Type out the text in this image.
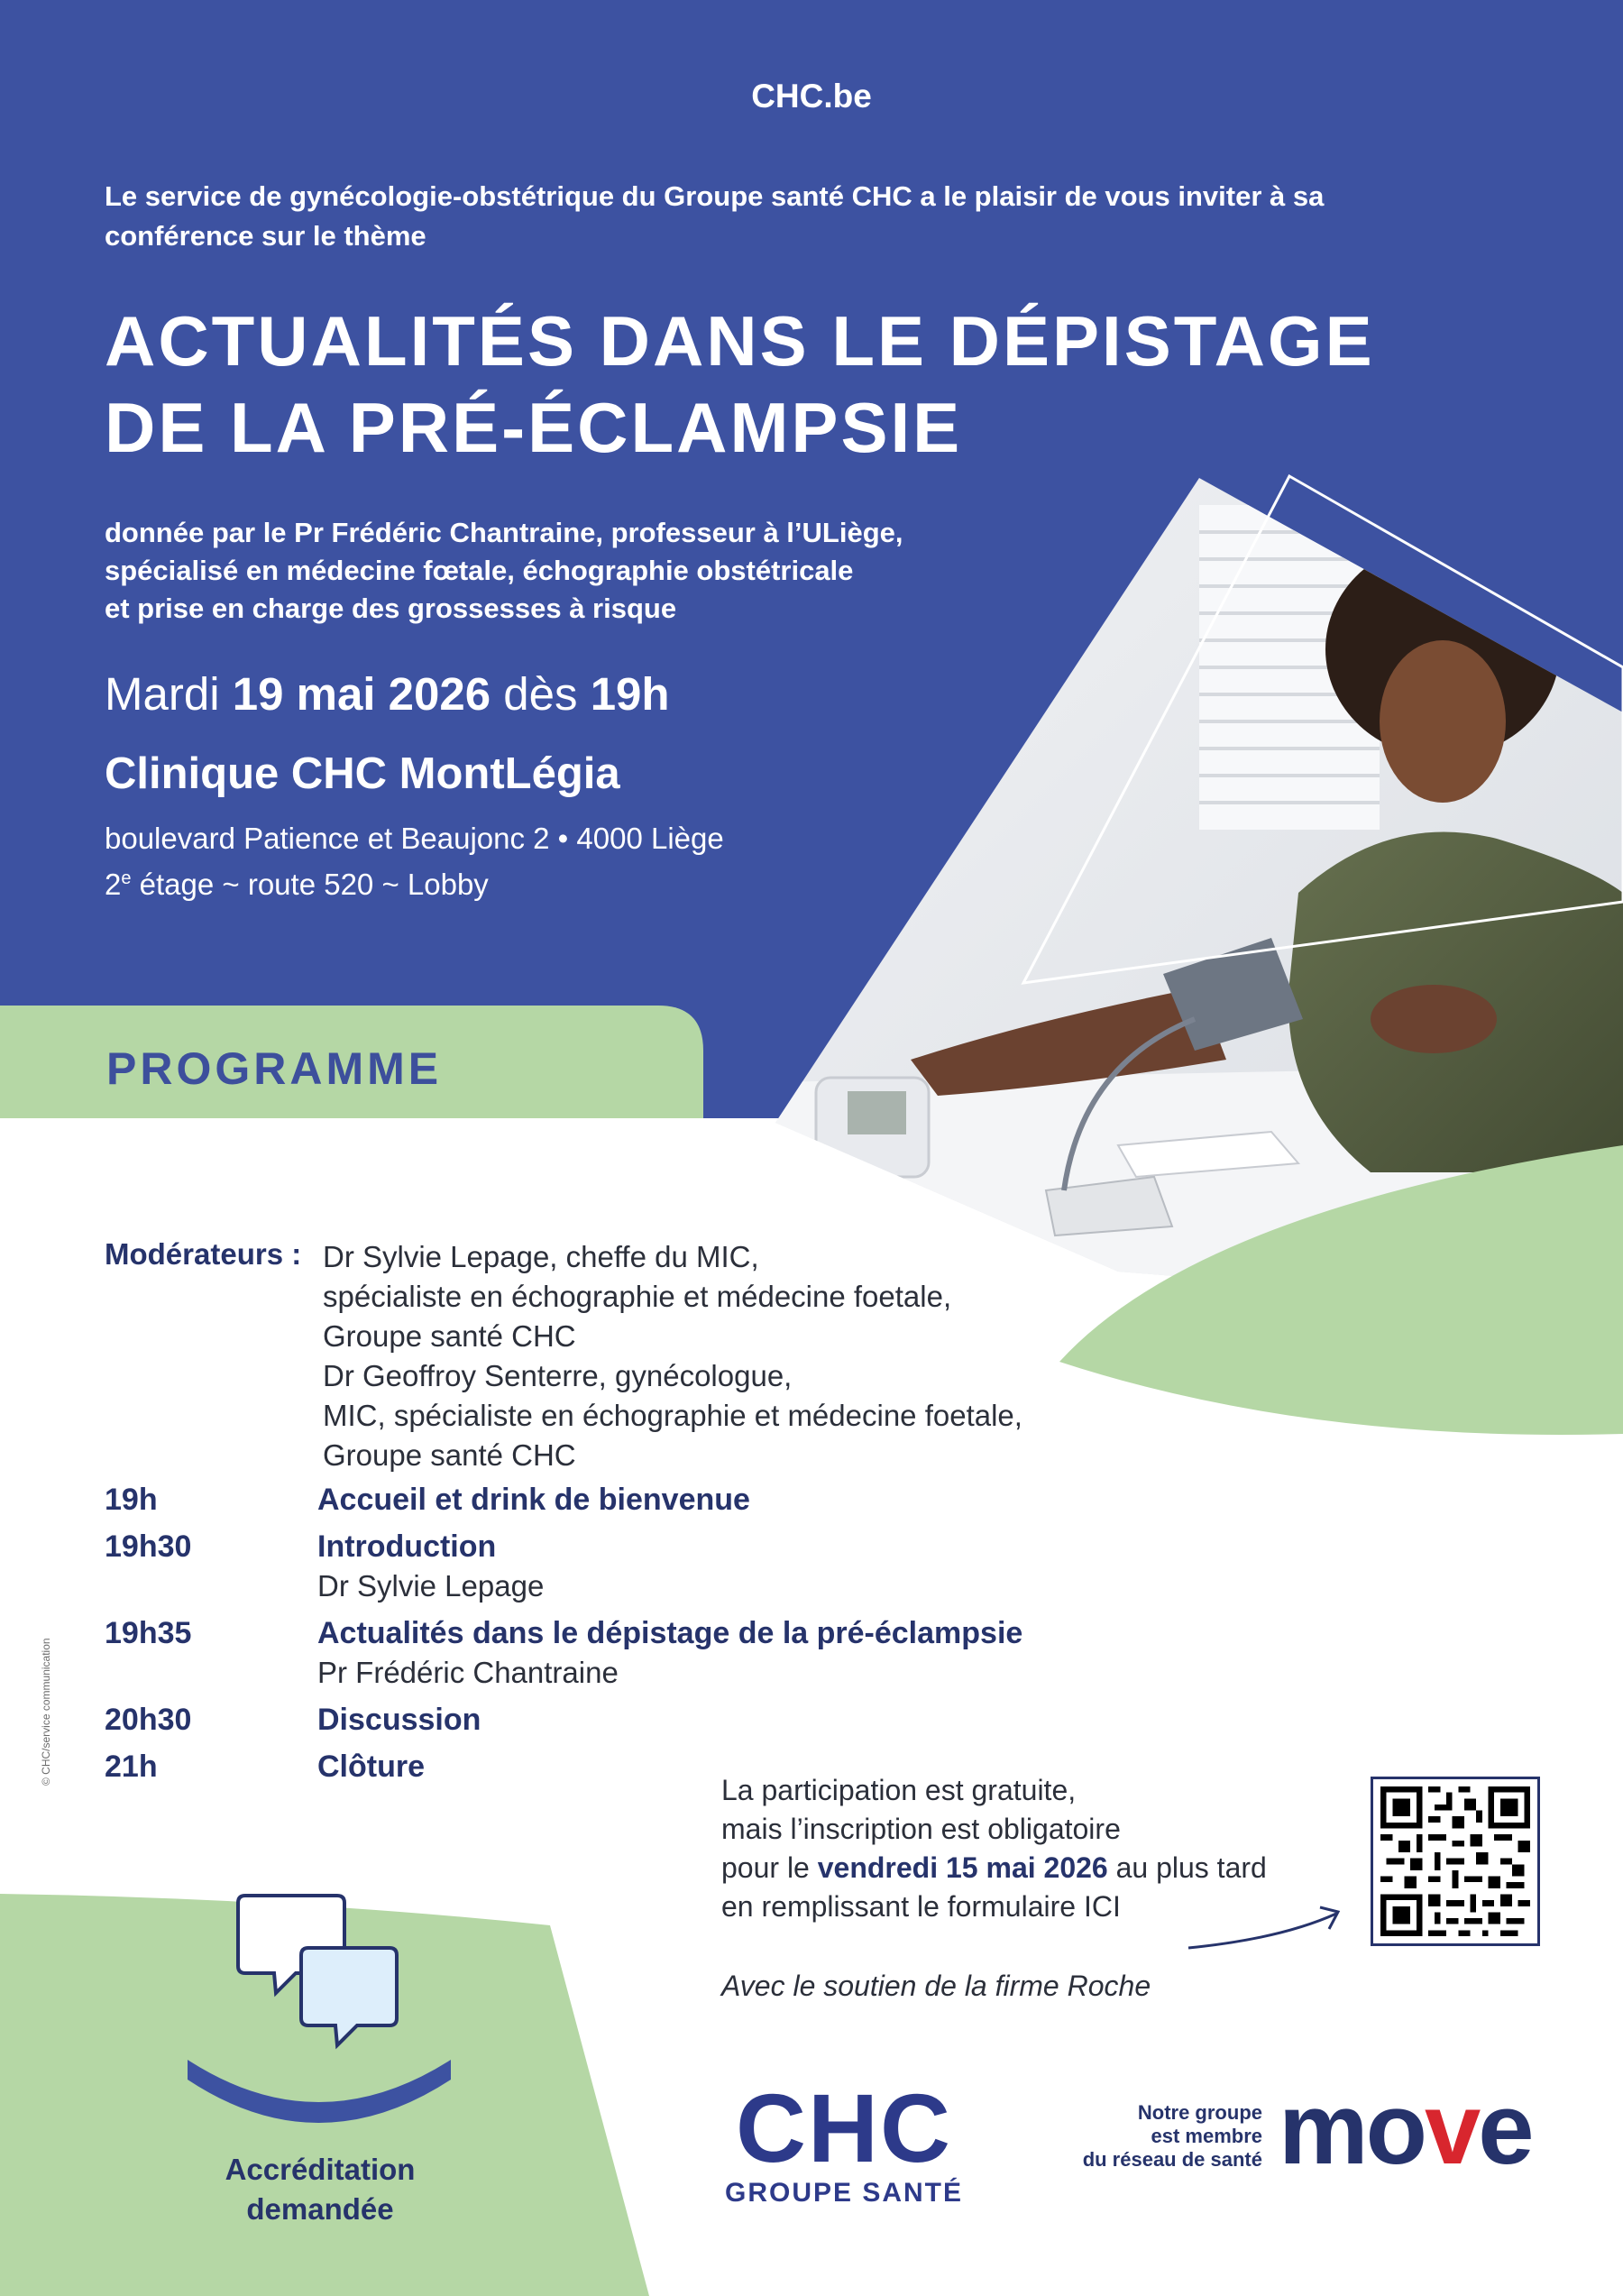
CHC.be
Le service de gynécologie-obstétrique du Groupe santé CHC a le plaisir de vous inviter à sa conférence sur le thème
ACTUALITÉS DANS LE DÉPISTAGE
DE LA PRÉ-ÉCLAMPSIE
donnée par le Pr Frédéric Chantraine, professeur à l’ULiège,
spécialisé en médecine fœtale, échographie obstétricale
et prise en charge des grossesses à risque
Mardi 19 mai 2026 dès 19h
Clinique CHC MontLégia
boulevard Patience et Beaujonc 2 • 4000 Liège
2e étage ~ route 520 ~ Lobby
PROGRAMME
Modérateurs : Dr Sylvie Lepage, cheffe du MIC,
spécialiste en échographie et médecine foetale,
Groupe santé CHC
Dr Geoffroy Senterre, gynécologue,
MIC, spécialiste en échographie et médecine foetale,
Groupe santé CHC
19h	Accueil et drink de bienvenue
19h30	Introduction
Dr Sylvie Lepage
19h35	Actualités dans le dépistage de la pré-éclampsie
Pr Frédéric Chantraine
20h30	Discussion
21h	Clôture
La participation est gratuite,
mais l’inscription est obligatoire
pour le vendredi 15 mai 2026 au plus tard
en remplissant le formulaire ICI
Avec le soutien de la firme Roche
Accréditation
demandée
CHC
GROUPE SANTÉ
Notre groupe
est membre
du réseau de santé move
© CHC/service communication
